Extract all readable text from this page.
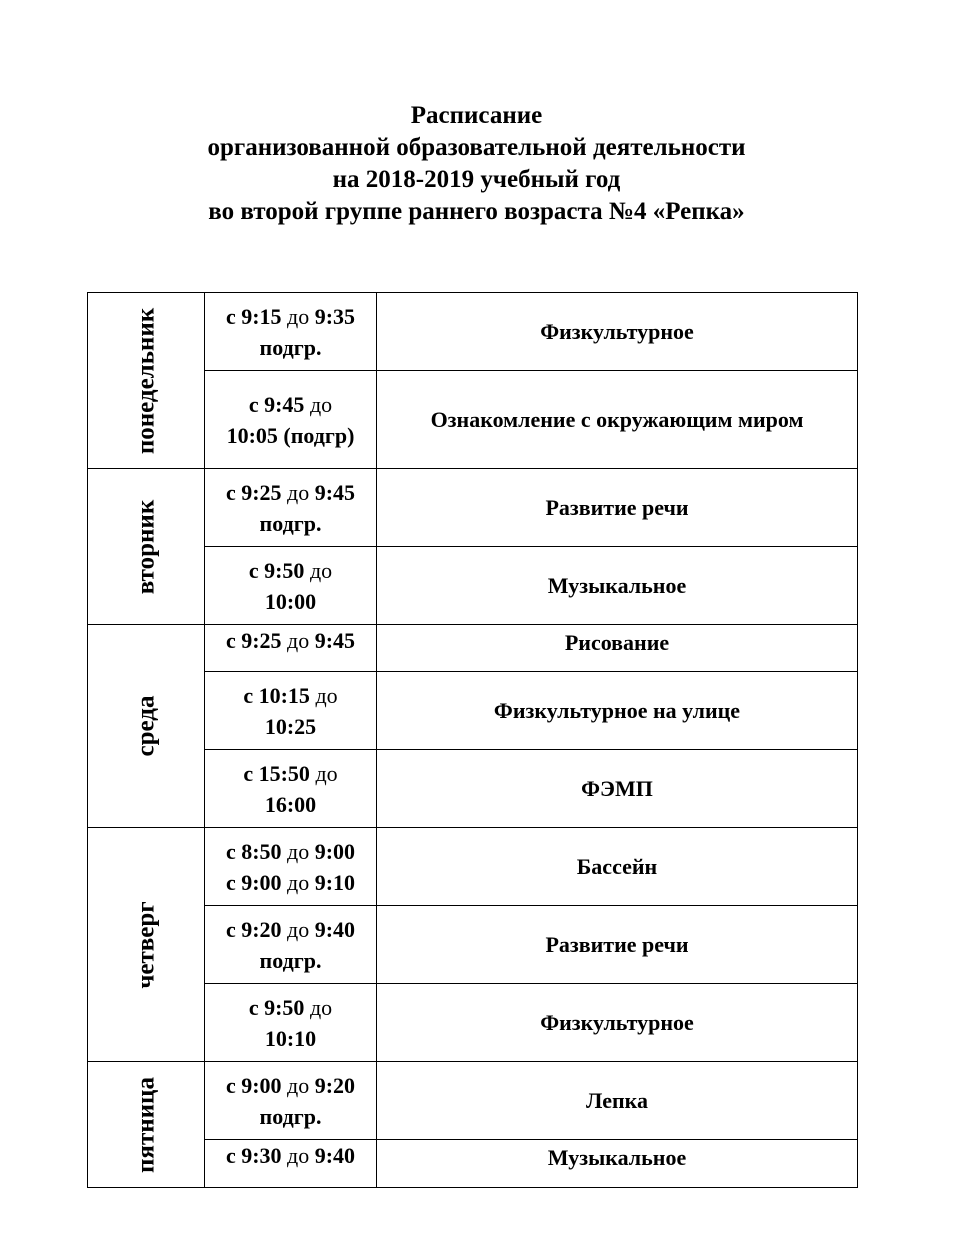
Расписание
организованной образовательной деятельности
на 2018-2019 учебный год
во второй группе раннего возраста №4 «Репка»
понедельник	с 9:15 до 9:35
подгр.	Физкультурное
	с 9:45 до
10:05 (подгр)	Ознакомление с окружающим миром

вторник	с 9:25 до 9:45
подгр.	Развитие речи
	с 9:50 до
10:00	Музыкальное

среда	с 9:25 до 9:45	Рисование
	с 10:15 до
10:25	Физкультурное на улице
	с 15:50 до
16:00	ФЭМП

четверг	с 8:50 до 9:00
с 9:00 до 9:10	Бассейн
	с 9:20 до 9:40
подгр.	Развитие речи
	с 9:50 до
10:10	Физкультурное

пятница	с 9:00 до 9:20
подгр.	Лепка
	с 9:30 до 9:40	Музыкальное
